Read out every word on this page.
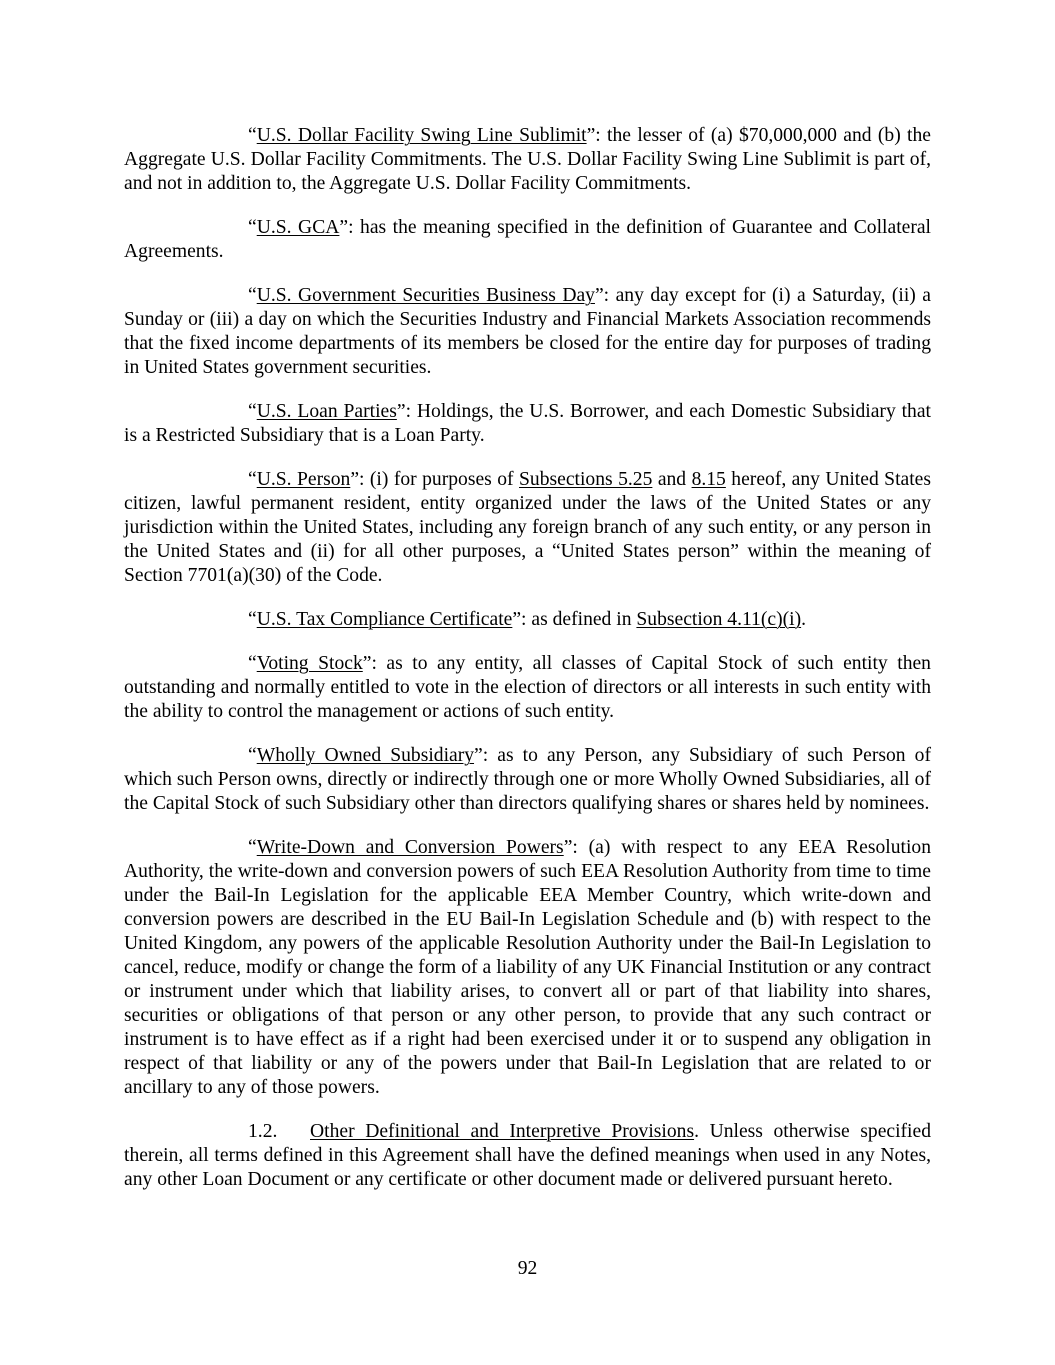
“U.S. Dollar Facility Swing Line Sublimit”: the lesser of (a) $70,000,000 and (b) the Aggregate U.S. Dollar Facility Commitments. The U.S. Dollar Facility Swing Line Sublimit is part of, and not in addition to, the Aggregate U.S. Dollar Facility Commitments.

“U.S. GCA”: has the meaning specified in the definition of Guarantee and Collateral Agreements.

“U.S. Government Securities Business Day”: any day except for (i) a Saturday, (ii) a Sunday or (iii) a day on which the Securities Industry and Financial Markets Association recommends that the fixed income departments of its members be closed for the entire day for purposes of trading in United States government securities.

“U.S. Loan Parties”: Holdings, the U.S. Borrower, and each Domestic Subsidiary that is a Restricted Subsidiary that is a Loan Party.

“U.S. Person”: (i) for purposes of Subsections 5.25 and 8.15 hereof, any United States citizen, lawful permanent resident, entity organized under the laws of the United States or any jurisdiction within the United States, including any foreign branch of any such entity, or any person in the United States and (ii) for all other purposes, a “United States person” within the meaning of Section 7701(a)(30) of the Code.

“U.S. Tax Compliance Certificate”: as defined in Subsection 4.11(c)(i).

“Voting Stock”: as to any entity, all classes of Capital Stock of such entity then outstanding and normally entitled to vote in the election of directors or all interests in such entity with the ability to control the management or actions of such entity.

“Wholly Owned Subsidiary”: as to any Person, any Subsidiary of such Person of which such Person owns, directly or indirectly through one or more Wholly Owned Subsidiaries, all of the Capital Stock of such Subsidiary other than directors qualifying shares or shares held by nominees.

“Write-Down and Conversion Powers”: (a) with respect to any EEA Resolution Authority, the write-down and conversion powers of such EEA Resolution Authority from time to time under the Bail-In Legislation for the applicable EEA Member Country, which write-down and conversion powers are described in the EU Bail-In Legislation Schedule and (b) with respect to the United Kingdom, any powers of the applicable Resolution Authority under the Bail-In Legislation to cancel, reduce, modify or change the form of a liability of any UK Financial Institution or any contract or instrument under which that liability arises, to convert all or part of that liability into shares, securities or obligations of that person or any other person, to provide that any such contract or instrument is to have effect as if a right had been exercised under it or to suspend any obligation in respect of that liability or any of the powers under that Bail-In Legislation that are related to or ancillary to any of those powers.

1.2. Other Definitional and Interpretive Provisions. Unless otherwise specified therein, all terms defined in this Agreement shall have the defined meanings when used in any Notes, any other Loan Document or any certificate or other document made or delivered pursuant hereto.

92
